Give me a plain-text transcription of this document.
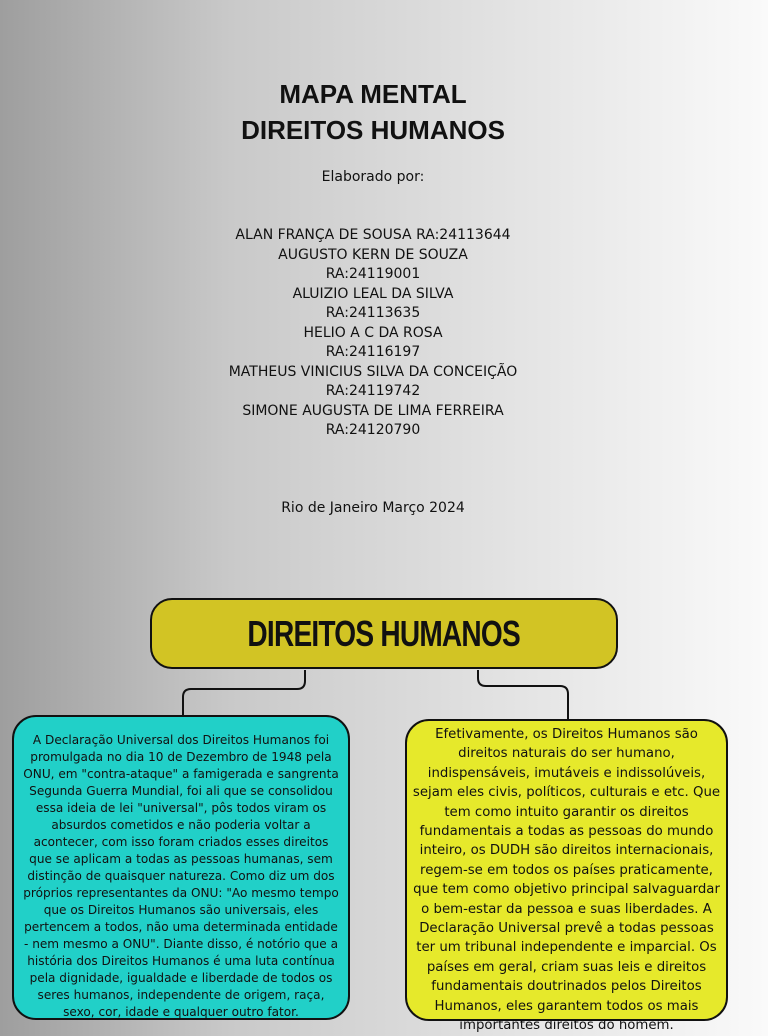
MAPA MENTAL
DIREITOS HUMANOS
Elaborado por:
ALAN FRANÇA DE SOUSA RA:24113644
AUGUSTO KERN DE SOUZA
RA:24119001
ALUIZIO LEAL DA SILVA
RA:24113635
HELIO A C DA ROSA
RA:24116197
MATHEUS VINICIUS SILVA DA CONCEIÇÃO
RA:24119742
SIMONE AUGUSTA DE LIMA FERREIRA
RA:24120790
Rio de Janeiro Março 2024
DIREITOS HUMANOS
A Declaração Universal dos Direitos Humanos foi promulgada no dia 10 de Dezembro de 1948 pela ONU, em "contra-ataque" a famigerada e sangrenta Segunda Guerra Mundial, foi ali que se consolidou essa ideia de lei "universal", pôs todos viram os absurdos cometidos e não poderia voltar a acontecer, com isso foram criados esses direitos que se aplicam a todas as pessoas humanas, sem distinção de quaisquer natureza. Como diz um dos próprios representantes da ONU: "Ao mesmo tempo que os Direitos Humanos são universais, eles pertencem a todos, não uma determinada entidade - nem mesmo a ONU". Diante disso, é notório que a história dos Direitos Humanos é uma luta contínua pela dignidade, igualdade e liberdade de todos os seres humanos, independente de origem, raça, sexo, cor, idade e qualquer outro fator.
Efetivamente, os Direitos Humanos são direitos naturais do ser humano, indispensáveis, imutáveis e indissolúveis, sejam eles civis, políticos, culturais e etc. Que tem como intuito garantir os direitos fundamentais a todas as pessoas do mundo inteiro, os DUDH são direitos internacionais, regem-se em todos os países praticamente, que tem como objetivo principal salvaguardar o bem-estar da pessoa e suas liberdades. A Declaração Universal prevê a todas pessoas ter um tribunal independente e imparcial. Os países em geral, criam suas leis e direitos fundamentais doutrinados pelos Direitos Humanos, eles garantem todos os mais importantes direitos do homem.
